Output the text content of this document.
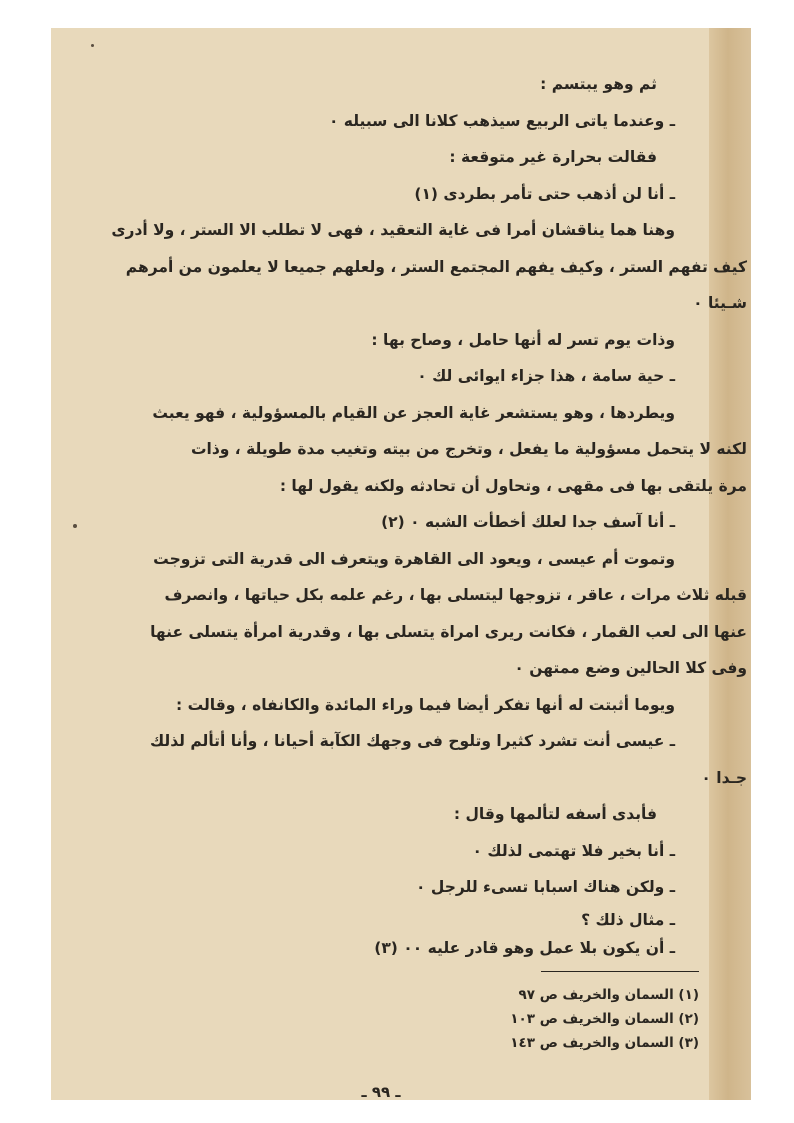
ثم وهو يبتسم :
ـ وعندما ياتى الربيع سيذهب كلانا الى سبيله ٠
فقالت بحرارة غير متوقعة :
ـ أنا لن أذهب حتى تأمر بطردى (١)
وهنا هما يناقشان أمرا فى غاية التعقيد ، فهى لا تطلب الا الستر ، ولا أدرى
كيف تفهم الستر ، وكيف يفهم المجتمع الستر ، ولعلهم جميعا لا يعلمون من أمرهم
شـيئا ٠
وذات يوم تسر له أنها حامل ، وصاح بها :
ـ حية سامة ، هذا جزاء ايوائى لك ٠
ويطردها ، وهو يستشعر غاية العجز عن القيام بالمسؤولية ، فهو يعبث
لكنه لا يتحمل مسؤولية ما يفعل ، وتخرج من بيته وتغيب مدة طويلة ، وذات
مرة يلتقى بها فى مقهى ، وتحاول أن تحادثه ولكنه يقول لها :
ـ أنا آسف جدا لعلك أخطأت الشبه ٠ (٢)
وتموت أم عيسى ، ويعود الى القاهرة ويتعرف الى قدرية التى تزوجت
قبله ثلاث مرات ، عاقر ، تزوجها ليتسلى بها ، رغم علمه بكل حياتها ، وانصرف
عنها الى لعب القمار ، فكانت ريرى امراة يتسلى بها ، وقدرية امرأة يتسلى عنها
وفى كلا الحالين وضع ممتهن ٠
ويوما أثبتت له أنها تفكر أيضا فيما وراء المائدة والكانفاه ، وقالت :
ـ عيسى أنت تشرد كثيرا وتلوح فى وجهك الكآبة أحيانا ، وأنا أتألم لذلك
جـدا ٠
فأبدى أسفه لتألمها وقال :
ـ أنا بخير فلا تهتمى لذلك ٠
ـ ولكن هناك اسبابا تسىء للرجل ٠
ـ مثال ذلك ؟
ـ أن يكون بلا عمل وهو قادر عليه ٠٠ (٣)
(١) السمان والخريف ص ٩٧
(٢) السمان والخريف ص ١٠٣
(٣) السمان والخريف ص ١٤٣
ـ ٩٩ ـ
